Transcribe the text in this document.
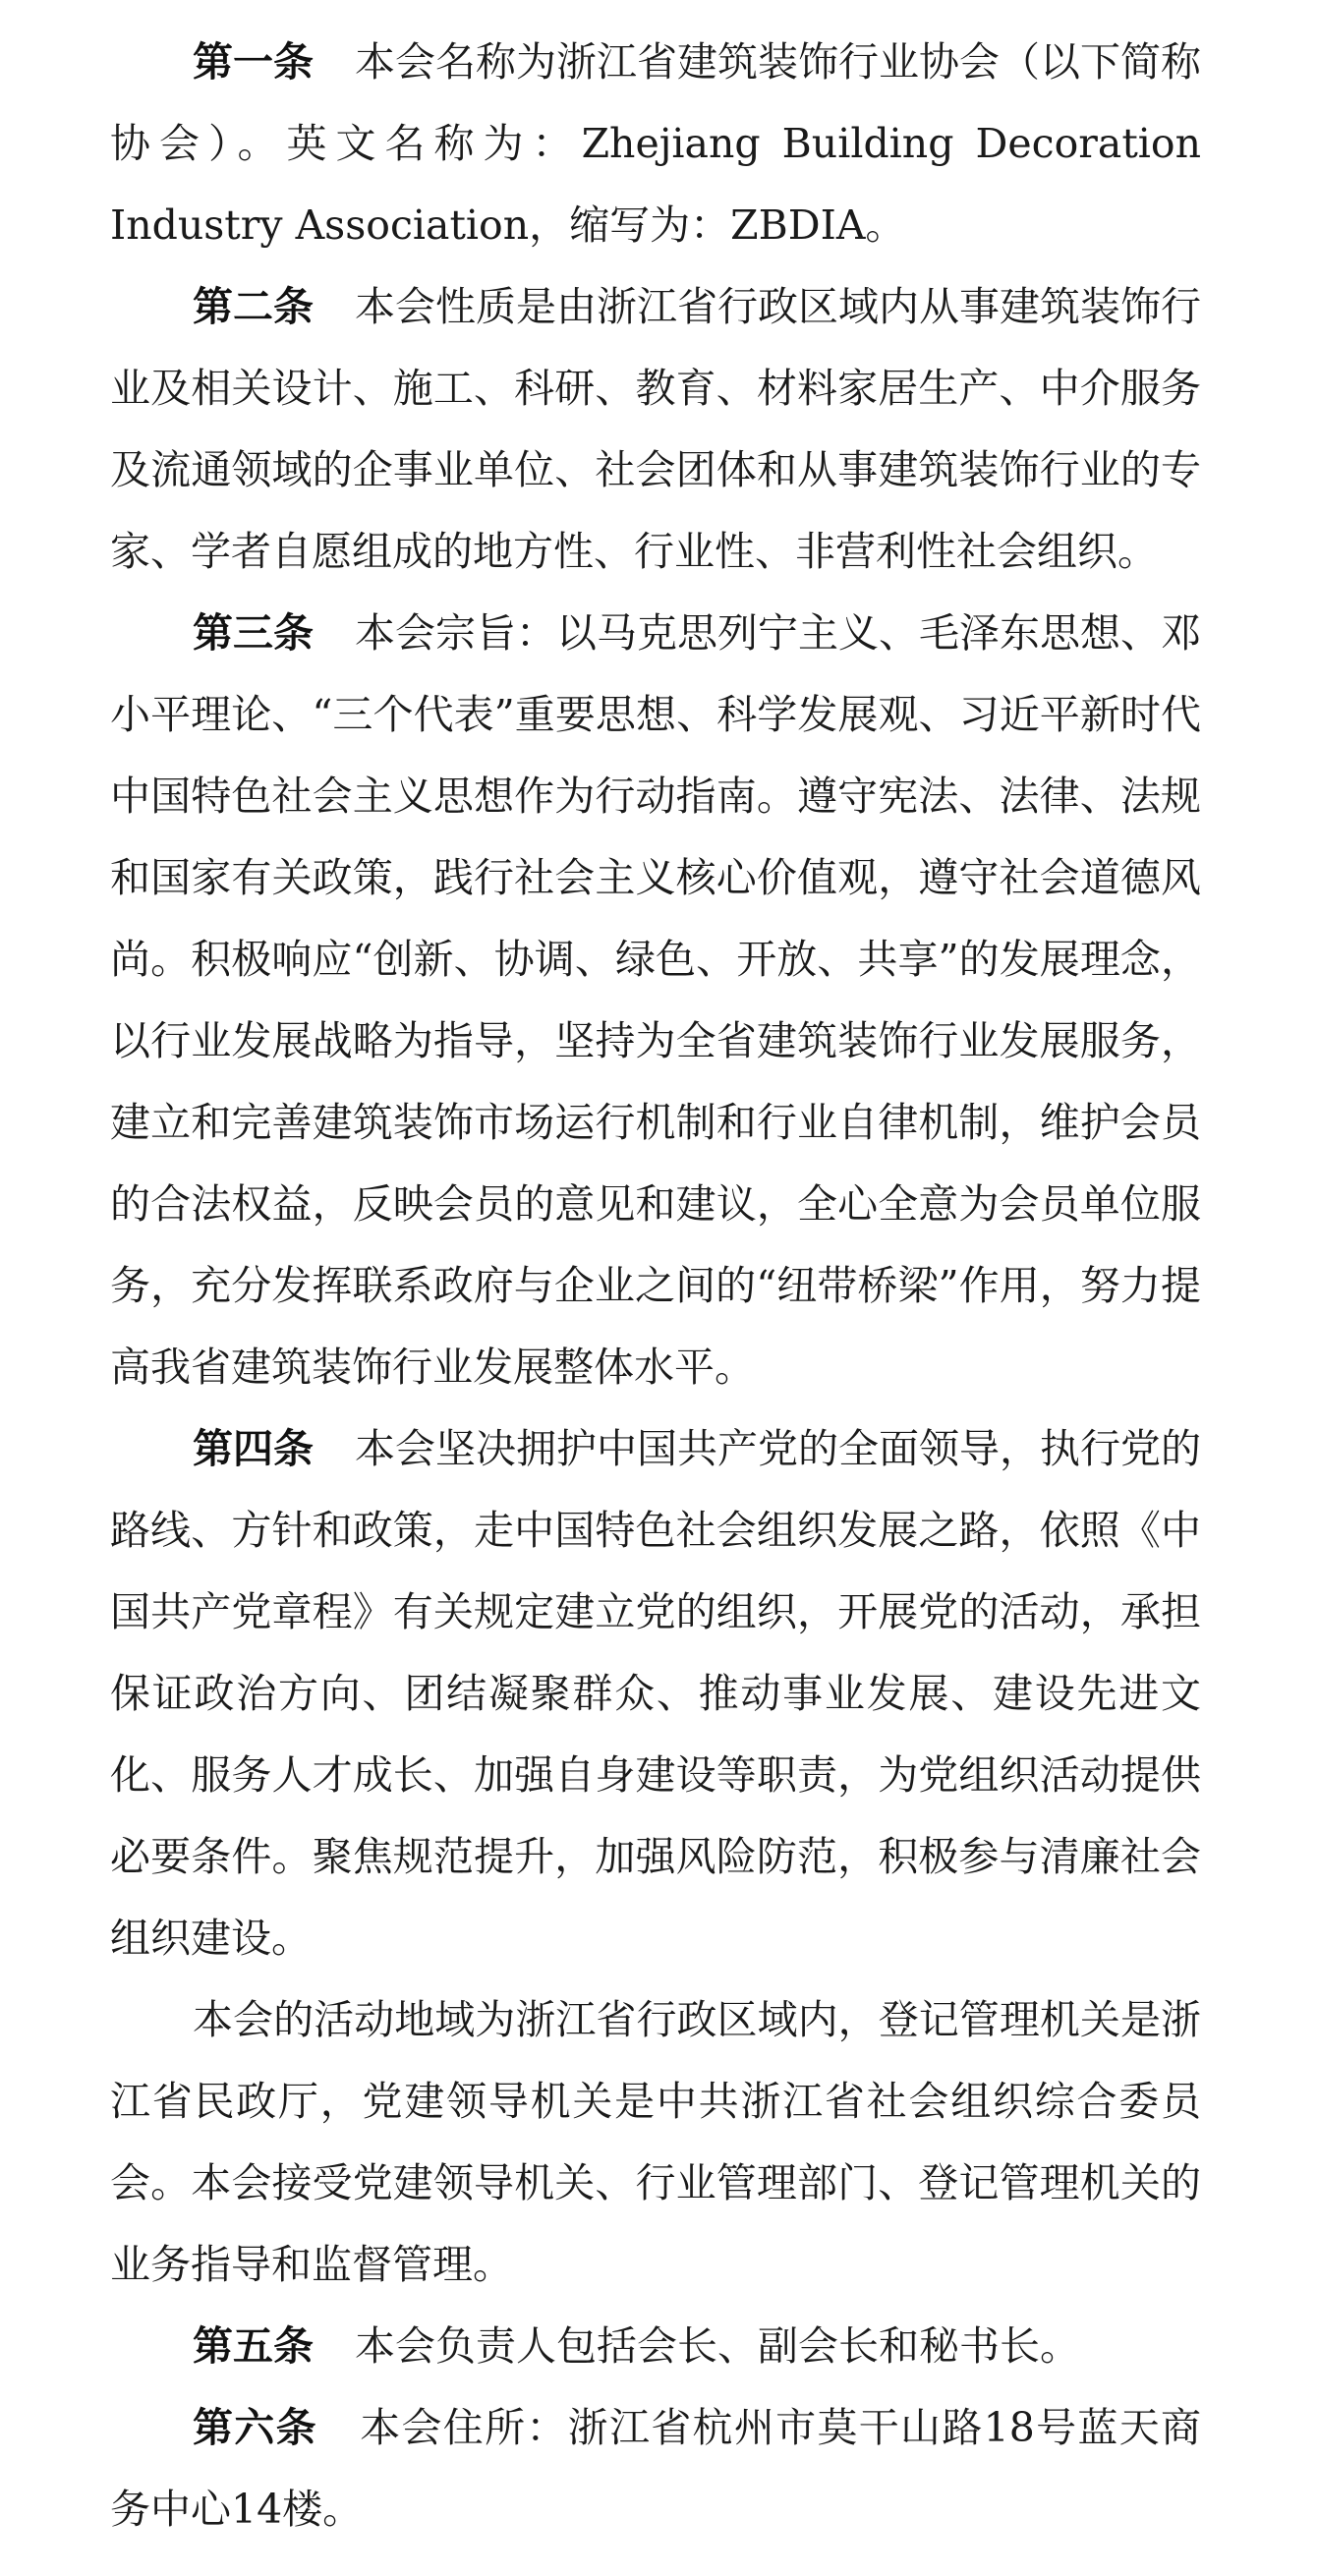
第一条 本会名称为浙江省建筑装饰行业协会（以下简称协会）。英文名称为：Zhejiang Building Decoration Industry Association，缩写为：ZBDIA。

第二条 本会性质是由浙江省行政区域内从事建筑装饰行业及相关设计、施工、科研、教育、材料家居生产、中介服务及流通领域的企事业单位、社会团体和从事建筑装饰行业的专家、学者自愿组成的地方性、行业性、非营利性社会组织。

第三条 本会宗旨：以马克思列宁主义、毛泽东思想、邓小平理论、“三个代表”重要思想、科学发展观、习近平新时代中国特色社会主义思想作为行动指南。遵守宪法、法律、法规和国家有关政策，践行社会主义核心价值观，遵守社会道德风尚。积极响应“创新、协调、绿色、开放、共享”的发展理念，以行业发展战略为指导，坚持为全省建筑装饰行业发展服务，建立和完善建筑装饰市场运行机制和行业自律机制，维护会员的合法权益，反映会员的意见和建议，全心全意为会员单位服务，充分发挥联系政府与企业之间的“纽带桥梁”作用，努力提高我省建筑装饰行业发展整体水平。

第四条 本会坚决拥护中国共产党的全面领导，执行党的路线、方针和政策，走中国特色社会组织发展之路，依照《中国共产党章程》有关规定建立党的组织，开展党的活动，承担保证政治方向、团结凝聚群众、推动事业发展、建设先进文化、服务人才成长、加强自身建设等职责，为党组织活动提供必要条件。聚焦规范提升，加强风险防范，积极参与清廉社会组织建设。

本会的活动地域为浙江省行政区域内，登记管理机关是浙江省民政厅，党建领导机关是中共浙江省社会组织综合委员会。本会接受党建领导机关、行业管理部门、登记管理机关的业务指导和监督管理。

第五条 本会负责人包括会长、副会长和秘书长。

第六条 本会住所：浙江省杭州市莫干山路18号蓝天商务中心14楼。
